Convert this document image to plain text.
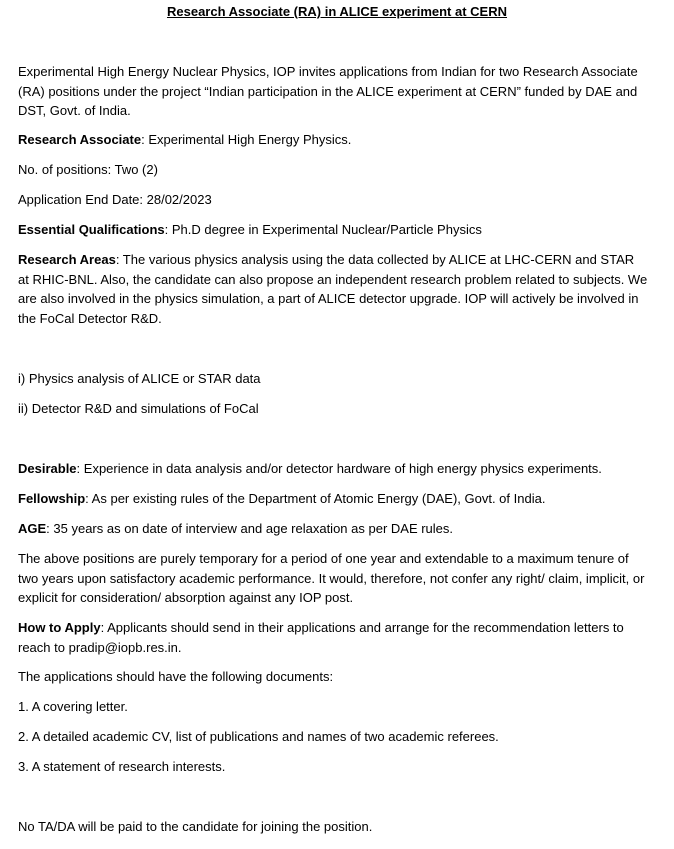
Research Associate (RA) in ALICE experiment at CERN

Experimental High Energy Nuclear Physics, IOP invites applications from Indian for two Research Associate (RA) positions under the project “Indian participation in the ALICE experiment at CERN” funded by DAE and DST, Govt. of India.

Research Associate: Experimental High Energy Physics.

No. of positions: Two (2)

Application End Date: 28/02/2023

Essential Qualifications: Ph.D degree in Experimental Nuclear/Particle Physics

Research Areas: The various physics analysis using the data collected by ALICE at LHC-CERN and STAR at RHIC-BNL. Also, the candidate can also propose an independent research problem related to subjects. We are also involved in the physics simulation, a part of ALICE detector upgrade. IOP will actively be involved in the FoCal Detector R&D.

i) Physics analysis of ALICE or STAR data

ii) Detector R&D and simulations of FoCal

Desirable: Experience in data analysis and/or detector hardware of high energy physics experiments.

Fellowship: As per existing rules of the Department of Atomic Energy (DAE), Govt. of India.

AGE: 35 years as on date of interview and age relaxation as per DAE rules.

The above positions are purely temporary for a period of one year and extendable to a maximum tenure of two years upon satisfactory academic performance. It would, therefore, not confer any right/ claim, implicit, or explicit for consideration/ absorption against any IOP post.

How to Apply: Applicants should send in their applications and arrange for the recommendation letters to reach to pradip@iopb.res.in.

The applications should have the following documents:

1. A covering letter.

2. A detailed academic CV, list of publications and names of two academic referees.

3. A statement of research interests.

No TA/DA will be paid to the candidate for joining the position.
